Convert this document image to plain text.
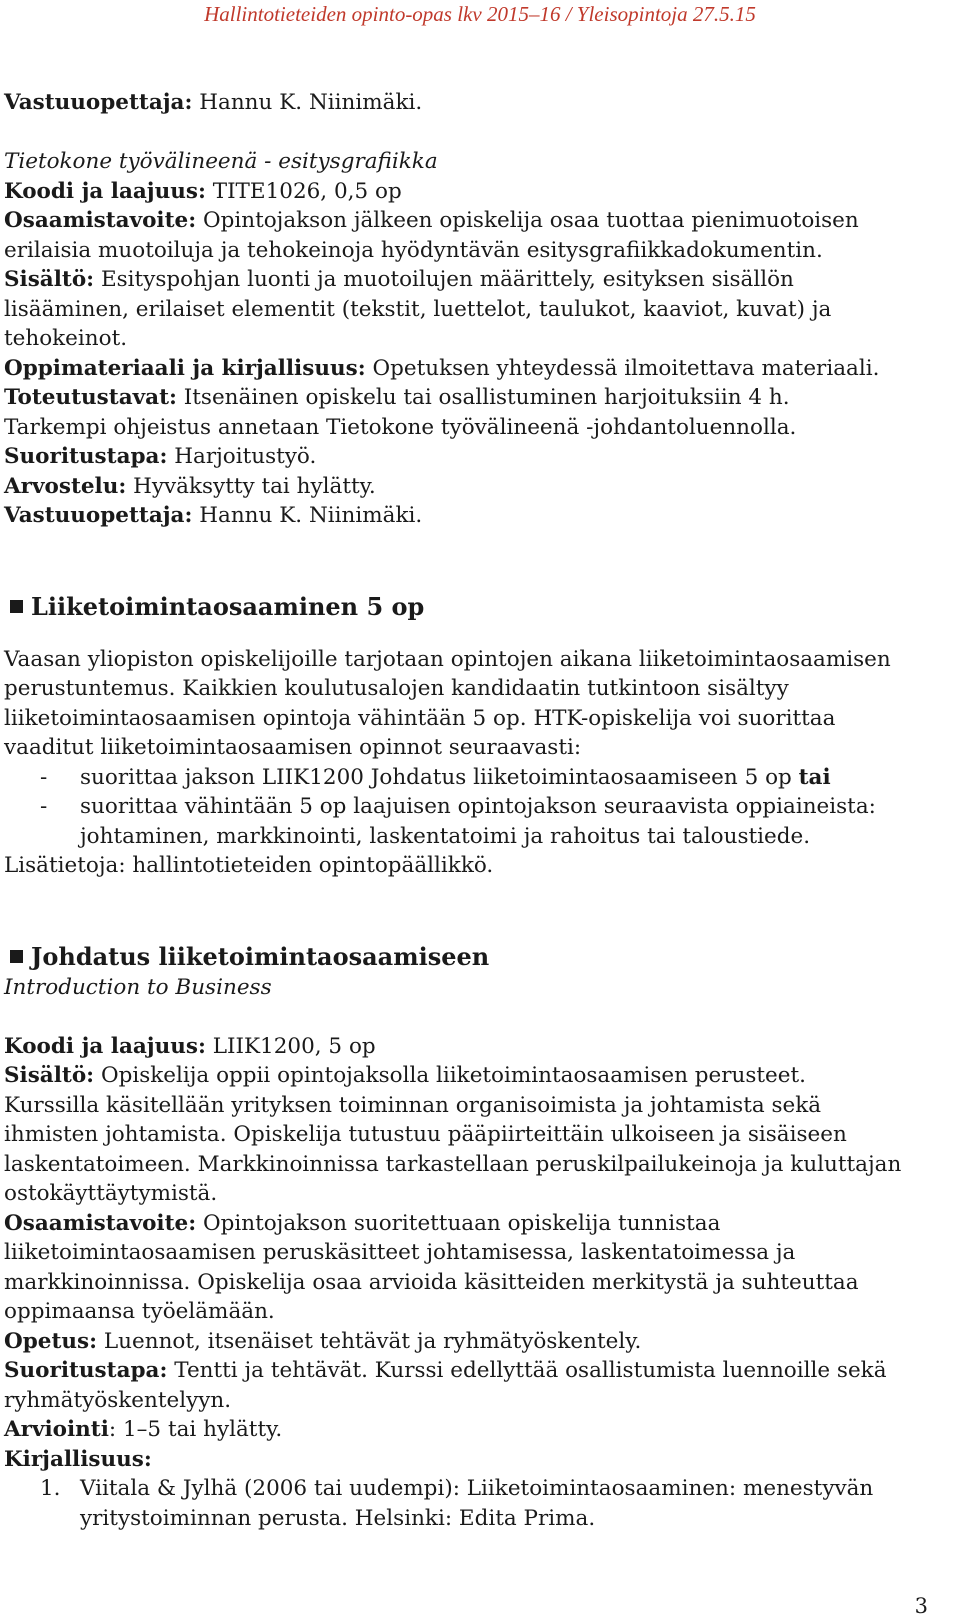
Hallintotieteiden opinto-opas lkv 2015–16 / Yleisopintoja 27.5.15
Vastuuopettaja: Hannu K. Niinimäki.
Tietokone työvälineenä - esitysgrafiikka
Koodi ja laajuus: TITE1026, 0,5 op
Osaamistavoite: Opintojakson jälkeen opiskelija osaa tuottaa pienimuotoisen
erilaisia muotoiluja ja tehokeinoja hyödyntävän esitysgrafiikkadokumentin.
Sisältö: Esityspohjan luonti ja muotoilujen määrittely, esityksen sisällön
lisääminen, erilaiset elementit (tekstit, luettelot, taulukot, kaaviot, kuvat) ja
tehokeinot.
Oppimateriaali ja kirjallisuus: Opetuksen yhteydessä ilmoitettava materiaali.
Toteutustavat: Itsenäinen opiskelu tai osallistuminen harjoituksiin 4 h.
Tarkempi ohjeistus annetaan Tietokone työvälineenä -johdantoluennolla.
Suoritustapa: Harjoitustyö.
Arvostelu: Hyväksytty tai hylätty.
Vastuuopettaja: Hannu K. Niinimäki.
Liiketoimintaosaaminen 5 op
Vaasan yliopiston opiskelijoille tarjotaan opintojen aikana liiketoimintaosaamisen
perustuntemus. Kaikkien koulutusalojen kandidaatin tutkintoon sisältyy
liiketoimintaosaamisen opintoja vähintään 5 op. HTK-opiskelija voi suorittaa
vaaditut liiketoimintaosaamisen opinnot seuraavasti:
-	suorittaa jakson LIIK1200 Johdatus liiketoimintaosaamiseen 5 op tai
-	suorittaa vähintään 5 op laajuisen opintojakson seuraavista oppiaineista:
johtaminen, markkinointi, laskentatoimi ja rahoitus tai taloustiede.
Lisätietoja: hallintotieteiden opintopäällikkö.
Johdatus liiketoimintaosaamiseen
Introduction to Business
Koodi ja laajuus: LIIK1200, 5 op
Sisältö: Opiskelija oppii opintojaksolla liiketoimintaosaamisen perusteet.
Kurssilla käsitellään yrityksen toiminnan organisoimista ja johtamista sekä
ihmisten johtamista. Opiskelija tutustuu pääpiirteittäin ulkoiseen ja sisäiseen
laskentatoimeen. Markkinoinnissa tarkastellaan peruskilpailukeinoja ja kuluttajan
ostokäyttäytymistä.
Osaamistavoite: Opintojakson suoritettuaan opiskelija tunnistaa
liiketoimintaosaamisen peruskäsitteet johtamisessa, laskentatoimessa ja
markkinoinnissa. Opiskelija osaa arvioida käsitteiden merkitystä ja suhteuttaa
oppimaansa työelämään.
Opetus: Luennot, itsenäiset tehtävät ja ryhmätyöskentely.
Suoritustapa: Tentti ja tehtävät. Kurssi edellyttää osallistumista luennoille sekä
ryhmätyöskentelyyn.
Arviointi: 1–5 tai hylätty.
Kirjallisuus:
1. Viitala & Jylhä (2006 tai uudempi): Liiketoimintaosaaminen: menestyvän
yritystoiminnan perusta. Helsinki: Edita Prima.
3
